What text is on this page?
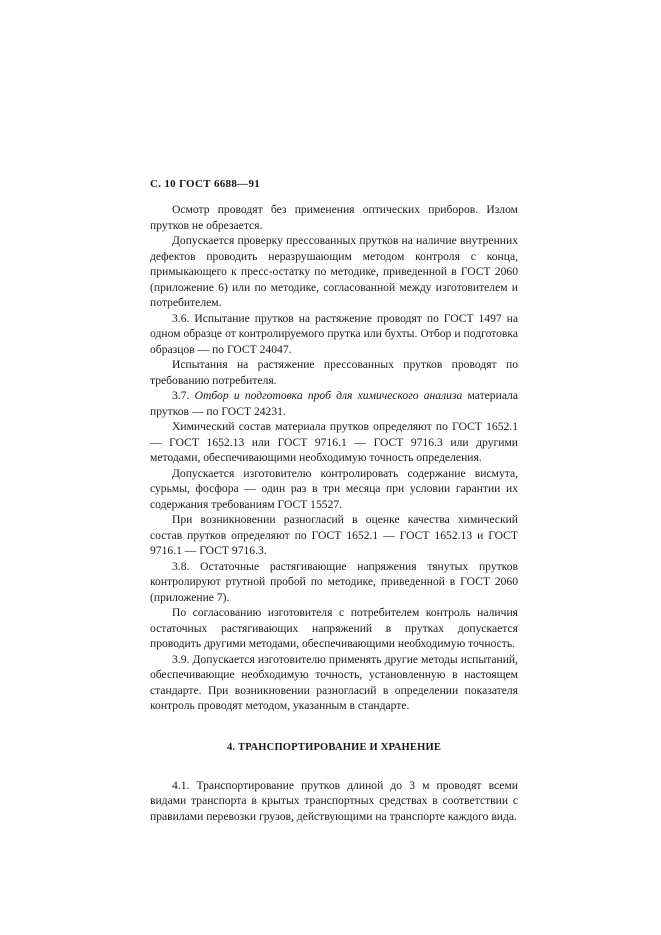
С. 10 ГОСТ 6688—91

Осмотр проводят без применения оптических приборов. Излом прутков не обрезается.

Допускается проверку прессованных прутков на наличие внутренних дефектов проводить неразрушающим методом контроля с конца, примыкающего к пресс-остатку по методике, приведенной в ГОСТ 2060 (приложение 6) или по методике, согласованной между изготовителем и потребителем.

3.6. Испытание прутков на растяжение проводят по ГОСТ 1497 на одном образце от контролируемого прутка или бухты. Отбор и подготовка образцов — по ГОСТ 24047.

Испытания на растяжение прессованных прутков проводят по требованию потребителя.

3.7. Отбор и подготовка проб для химического анализа материала прутков — по ГОСТ 24231.

Химический состав материала прутков определяют по ГОСТ 1652.1 — ГОСТ 1652.13 или ГОСТ 9716.1 — ГОСТ 9716.3 или другими методами, обеспечивающими необходимую точность определения.

Допускается изготовителю контролировать содержание висмута, сурьмы, фосфора — один раз в три месяца при условии гарантии их содержания требованиям ГОСТ 15527.

При возникновении разногласий в оценке качества химический состав прутков определяют по ГОСТ 1652.1 — ГОСТ 1652.13 и ГОСТ 9716.1 — ГОСТ 9716.3.

3.8. Остаточные растягивающие напряжения тянутых прутков контролируют ртутной пробой по методике, приведенной в ГОСТ 2060 (приложение 7).

По согласованию изготовителя с потребителем контроль наличия остаточных растягивающих напряжений в прутках допускается проводить другими методами, обеспечивающими необходимую точность.

3.9. Допускается изготовителю применять другие методы испытаний, обеспечивающие необходимую точность, установленную в настоящем стандарте. При возникновении разногласий в определении показателя контроль проводят методом, указанным в стандарте.

4. ТРАНСПОРТИРОВАНИЕ И ХРАНЕНИЕ

4.1. Транспортирование прутков длиной до 3 м проводят всеми видами транспорта в крытых транспортных средствах в соответствии с правилами перевозки грузов, действующими на транспорте каждого вида.
